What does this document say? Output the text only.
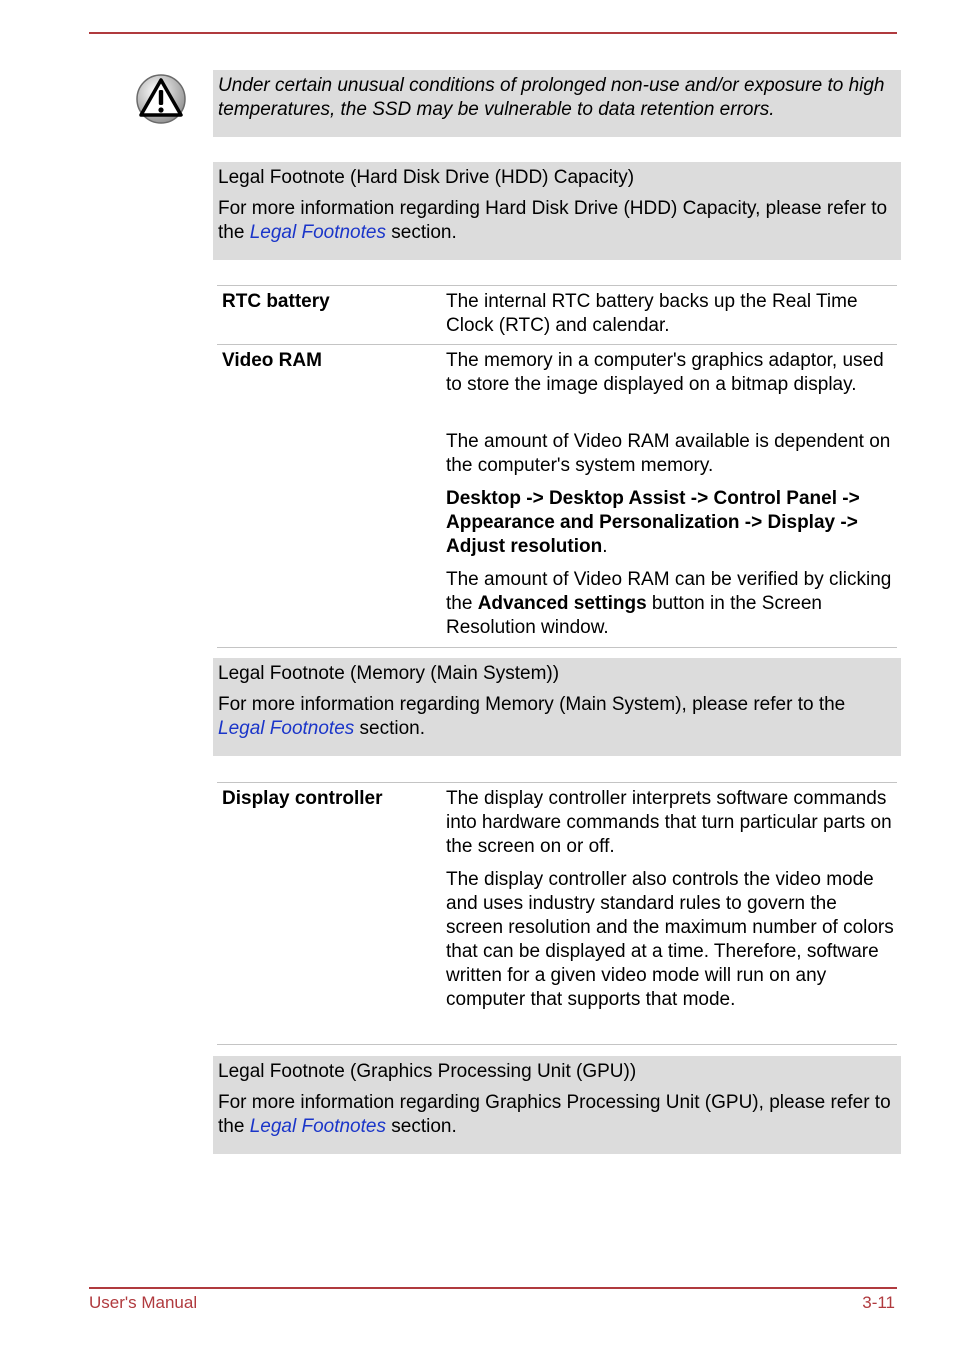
Under certain unusual conditions of prolonged non-use and/or exposure to high temperatures, the SSD may be vulnerable to data retention errors.
Legal Footnote (Hard Disk Drive (HDD) Capacity)
For more information regarding Hard Disk Drive (HDD) Capacity, please refer to the Legal Footnotes section.
RTC battery	The internal RTC battery backs up the Real Time Clock (RTC) and calendar.
Video RAM	The memory in a computer's graphics adaptor, used to store the image displayed on a bitmap display.
The amount of Video RAM available is dependent on the computer's system memory.
Desktop -> Desktop Assist -> Control Panel -> Appearance and Personalization -> Display -> Adjust resolution.
The amount of Video RAM can be verified by clicking the Advanced settings button in the Screen Resolution window.
Legal Footnote (Memory (Main System))
For more information regarding Memory (Main System), please refer to the Legal Footnotes section.
Display controller	The display controller interprets software commands into hardware commands that turn particular parts on the screen on or off.
The display controller also controls the video mode and uses industry standard rules to govern the screen resolution and the maximum number of colors that can be displayed at a time. Therefore, software written for a given video mode will run on any computer that supports that mode.
Legal Footnote (Graphics Processing Unit (GPU))
For more information regarding Graphics Processing Unit (GPU), please refer to the Legal Footnotes section.
User's Manual	3-11
